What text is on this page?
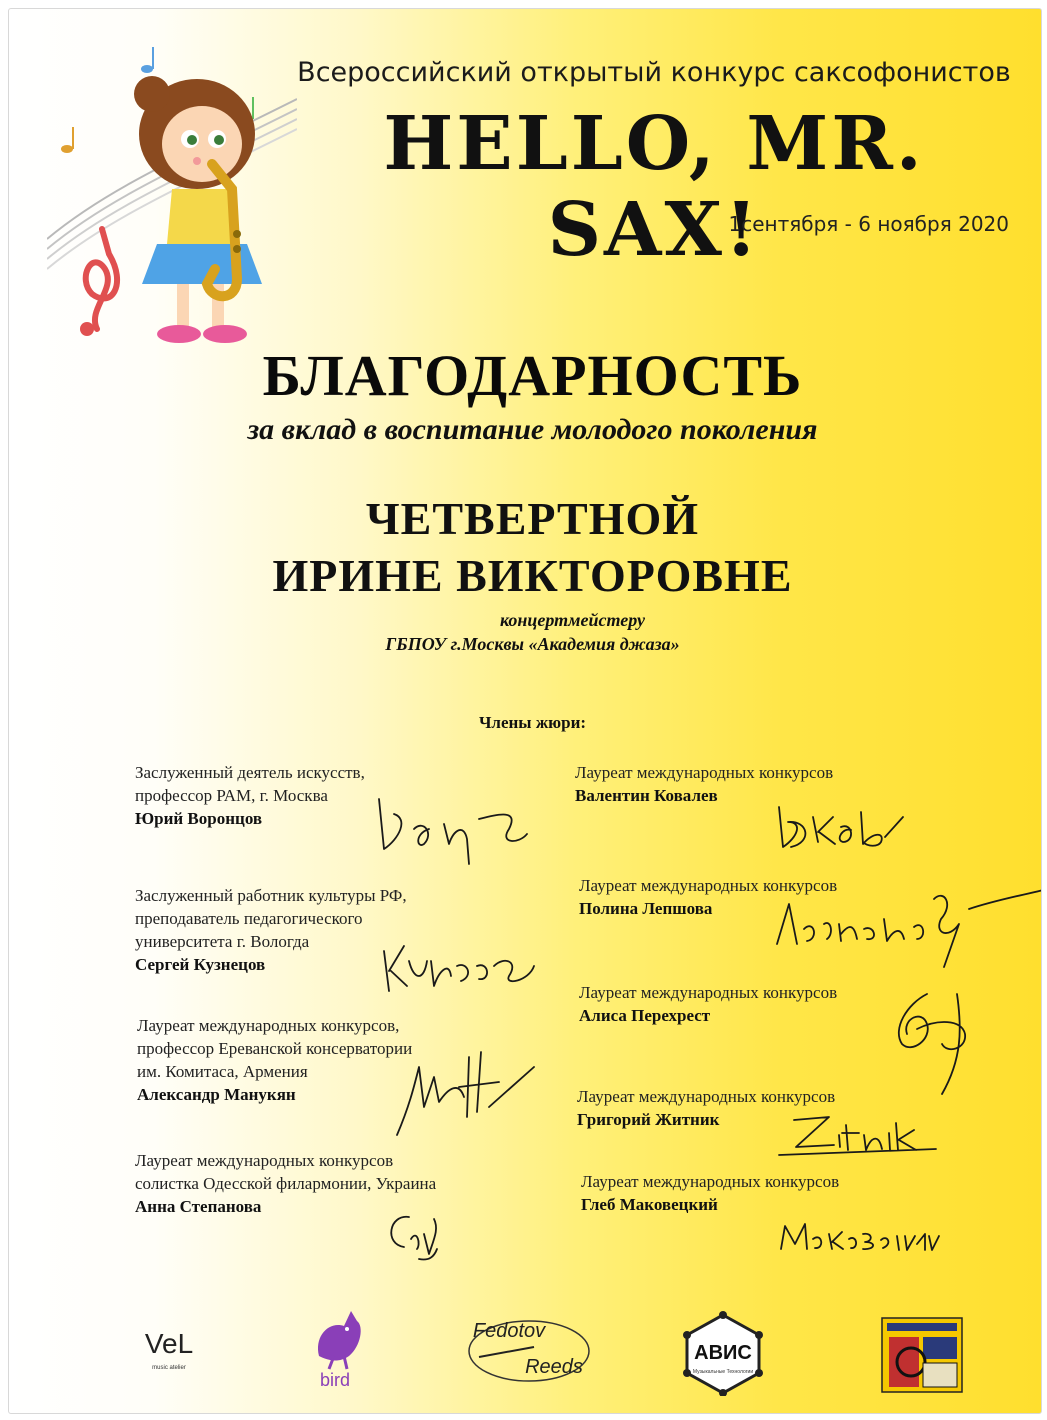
Всероссийский открытый конкурс саксофонистов
HELLO, MR. SAX!
1сентября - 6 ноября 2020
БЛАГОДАРНОСТЬ
за вклад в воспитание молодого поколения
ЧЕТВЕРТНОЙ
ИРИНЕ ВИКТОРОВНЕ
концертмейстеру
ГБПОУ г.Москвы «Академия джаза»
Члены жюри:
Заслуженный деятель искусств,
профессор РАМ, г. Москва
Юрий Воронцов
Заслуженный работник культуры РФ,
преподаватель педагогического
университета г. Вологда
Сергей Кузнецов
Лауреат международных конкурсов,
профессор Ереванской консерватории
им. Комитаса, Армения
Александр Манукян
Лауреат международных конкурсов
солистка Одесской филармонии, Украина
Анна Степанова
Лауреат международных конкурсов
Валентин Ковалев
Лауреат международных конкурсов
Полина Лепшова
Лауреат международных конкурсов
Алиса Перехрест
Лауреат международных конкурсов
Григорий Житник
Лауреат международных конкурсов
Глеб Маковецкий
VeL
music atelier
bird
Fedotov
Reeds
АВИС
Музыкальные Технологии
